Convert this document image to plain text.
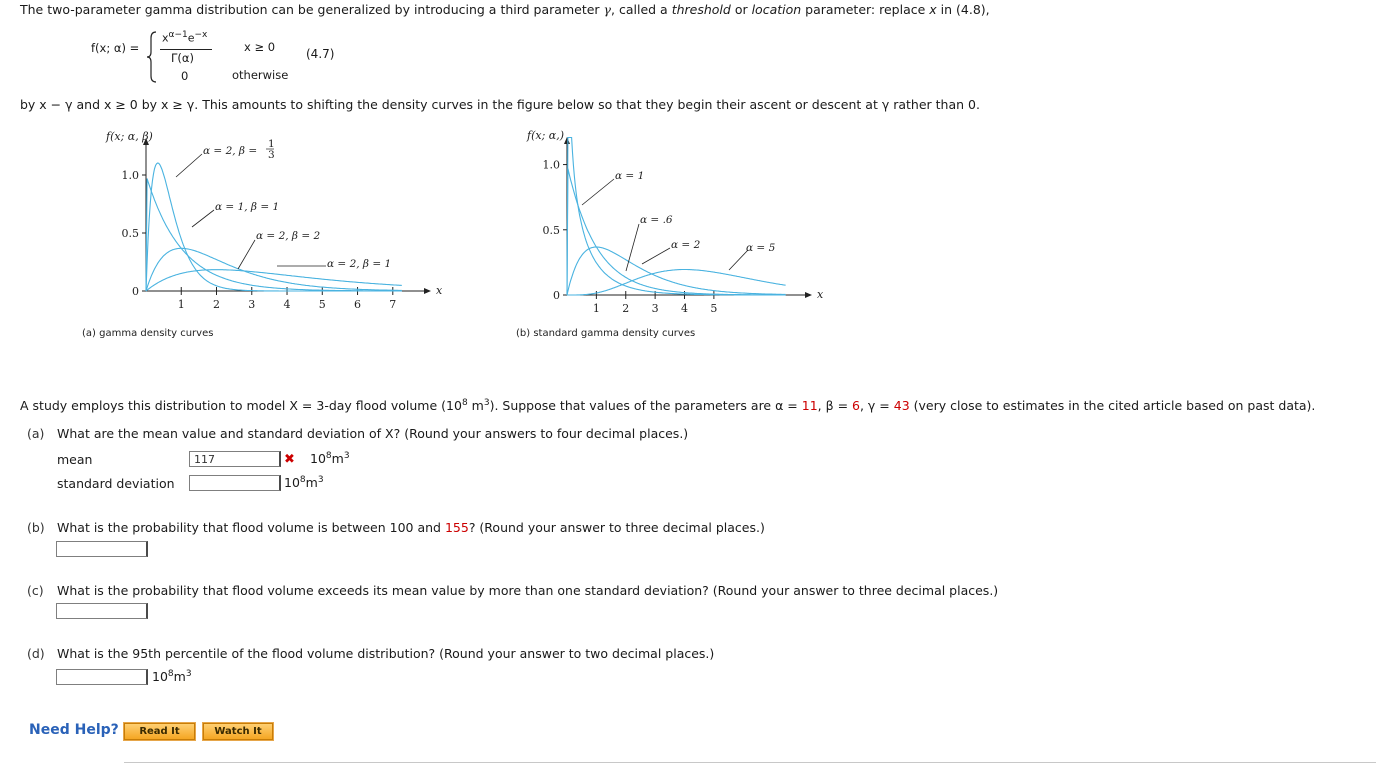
The two-parameter gamma distribution can be generalized by introducing a third parameter γ, called a threshold or location parameter: replace x in (4.8),
f(x; α) =
$x^{\alpha-1}e^{-x}$
Γ(α)
0
x ≥ 0
otherwise
(4.7)
by x − γ and x ≥ 0 by x ≥ γ. This amounts to shifting the density curves in the figure below so that they begin their ascent or descent at γ rather than 0.
x
f(x; α, β)
0
0.5
1.0
1	2	3	4	5	6	7
α = 2, β =
1
3
α = 1, β = 1
α = 2, β = 2
α = 2, β = 1
(a) gamma density curves
x
f(x; α,)
0
0.5
1.0
1 2 3 4 5
α = 1
α = .6
α = 2	α = 5
(b) standard gamma density curves
A study employs this distribution to model X = 3-day flood volume ($10^8$ $m^3$). Suppose that values of the parameters are α = 11, β = 6, γ = 43 (very close to estimates in the cited article based on past data).
(a) What are the mean value and standard deviation of X? (Round your answers to four decimal places.)
mean	117	✖ $10^8m^3$
standard deviation	$10^8m^3$
(b) What is the probability that flood volume is between 100 and 155? (Round your answer to three decimal places.)
(c) What is the probability that flood volume exceeds its mean value by more than one standard deviation? (Round your answer to three decimal places.)
(d) What is the 95th percentile of the flood volume distribution? (Round your answer to two decimal places.)
$10^8m^3$
Need Help?	Read It	Watch It
